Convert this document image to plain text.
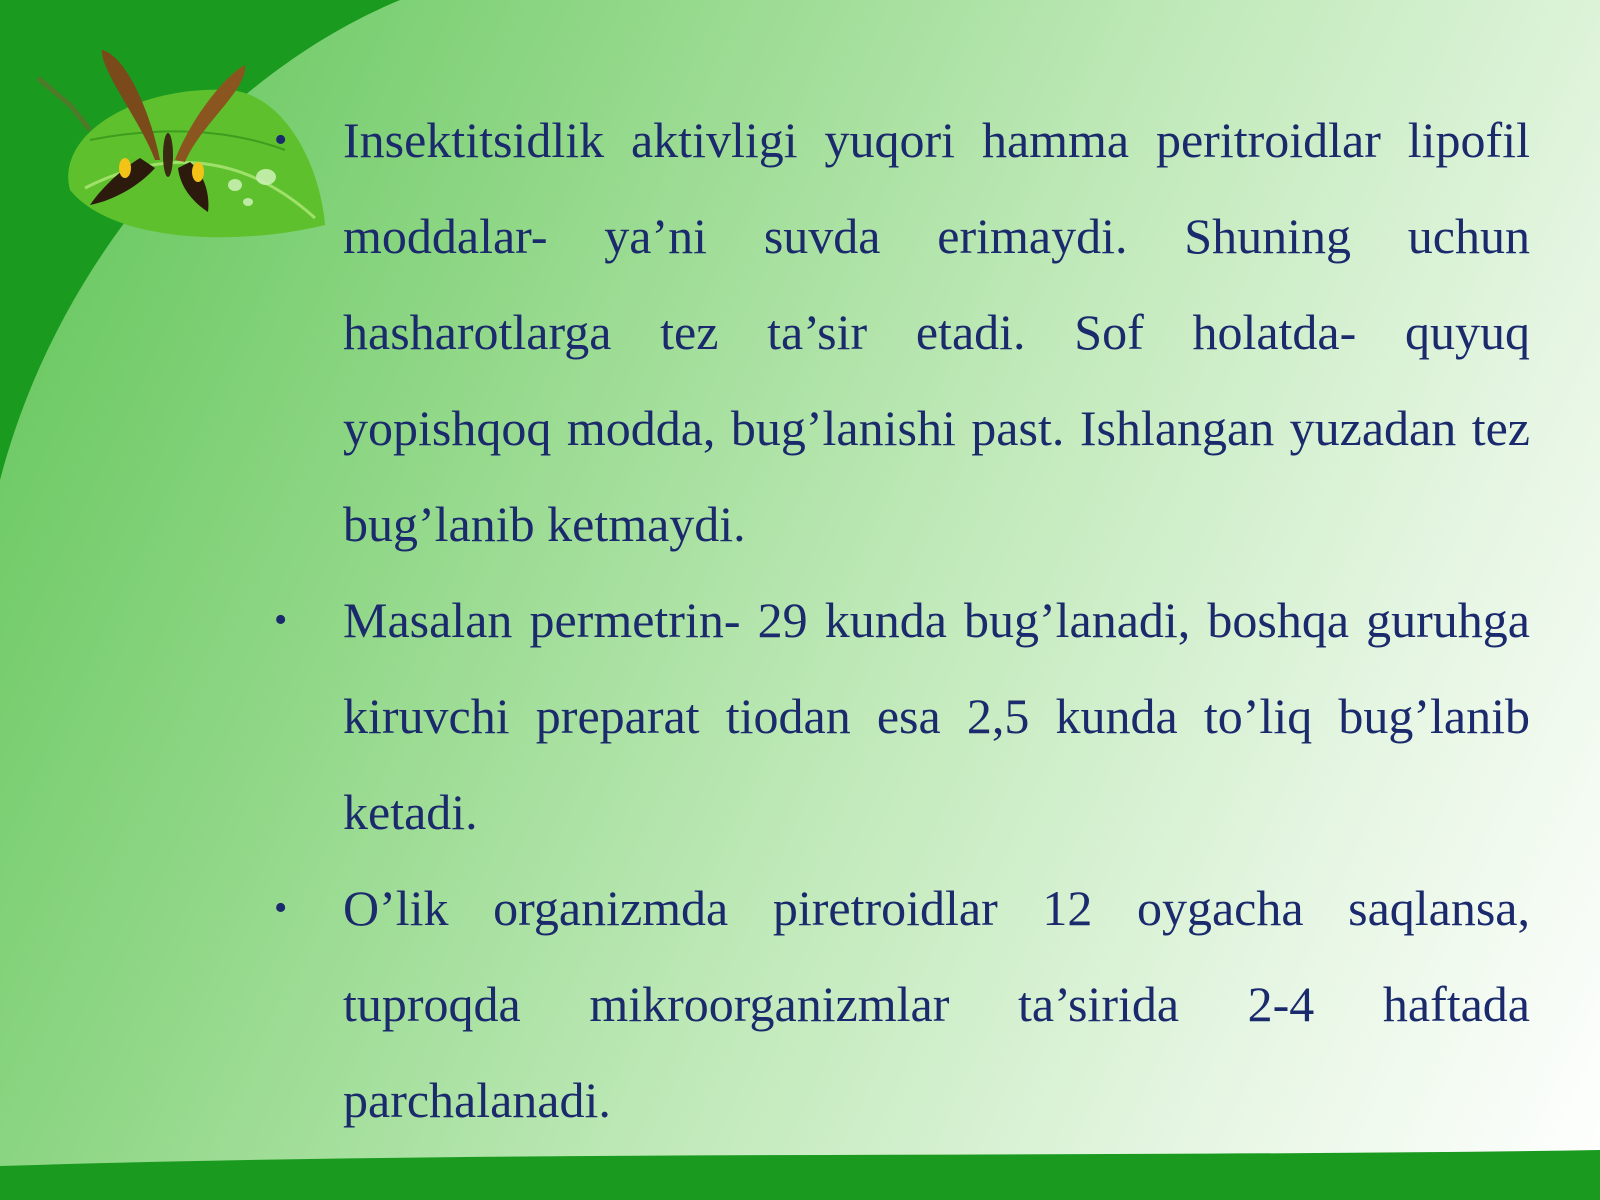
• Insektitsidlik aktivligi yuqori hamma peritroidlar lipofil moddalar- ya’ni suvda erimaydi. Shuning uchun hasharotlarga tez ta’sir etadi. Sof holatda- quyuq yopishqoq modda, bug’lanishi past. Ishlangan yuzadan tez bug’lanib ketmaydi.
• Masalan permetrin- 29 kunda bug’lanadi, boshqa guruhga kiruvchi preparat tiodan esa 2,5 kunda to’liq bug’lanib ketadi.
• O’lik organizmda piretroidlar 12 oygacha saqlansa, tuproqda mikroorganizmlar ta’sirida 2-4 haftada parchalanadi.
